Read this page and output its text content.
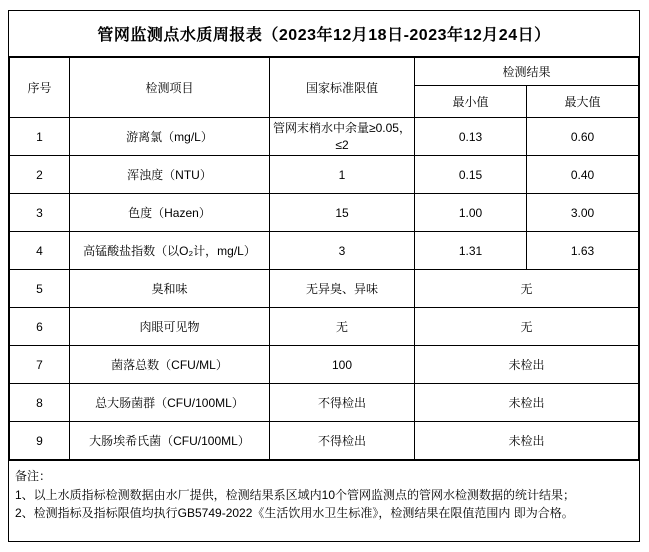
管网监测点水质周报表（2023年12月18日-2023年12月24日）
序号	检测项目	国家标准限值	检测结果	
			最小值	最大值
1	游离氯（mg/L）	管网末梢水中余量≥0.05，≤2	0.13	0.60
2	浑浊度（NTU）	1	0.15	0.40
3	色度（Hazen）	15	1.00	3.00
4	高锰酸盐指数（以O₂计，mg/L）	3	1.31	1.63
5	臭和味	无异臭、异味	无	
6	肉眼可见物	无	无	
7	菌落总数（CFU/ML）	100	未检出	
8	总大肠菌群（CFU/100ML）	不得检出	未检出	
9	大肠埃希氏菌（CFU/100ML）	不得检出	未检出	
备注：
1、以上水质指标检测数据由水厂提供，检测结果系区域内10个管网监测点的管网水检测数据的统计结果；
2、检测指标及指标限值均执行GB5749-2022《生活饮用水卫生标准》，检测结果在限值范围内 即为合格。
